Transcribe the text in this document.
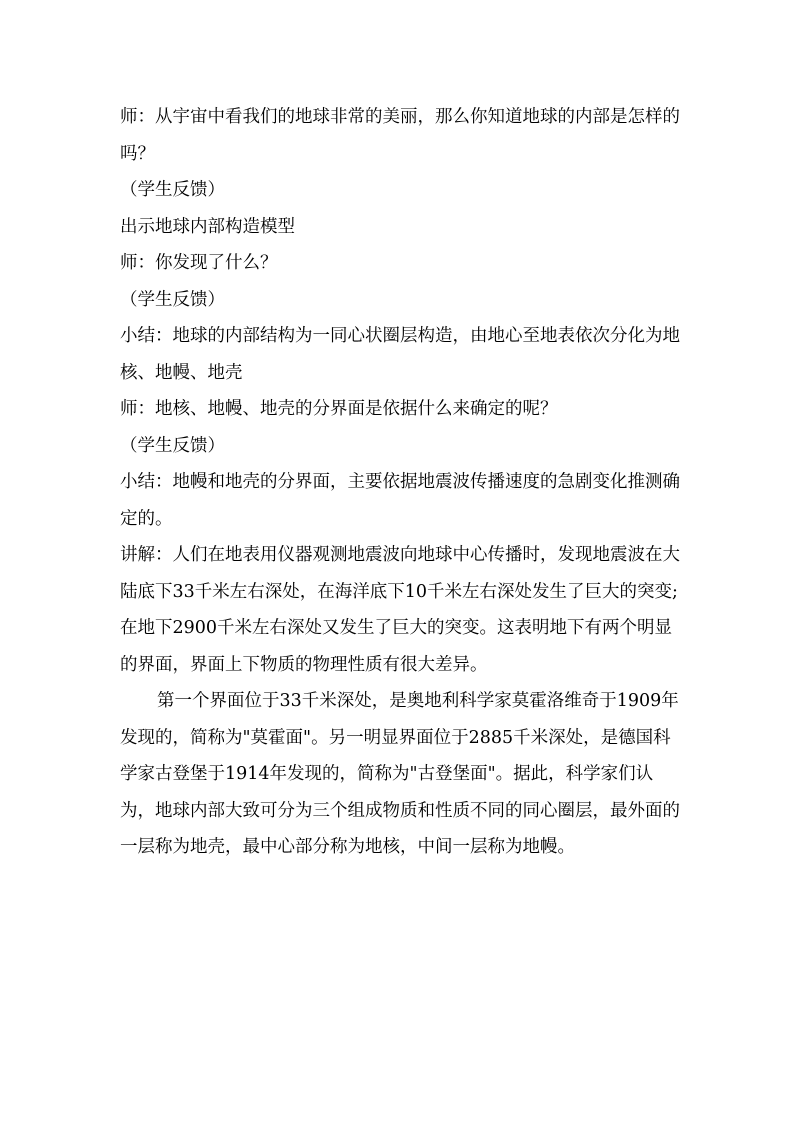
师：从宇宙中看我们的地球非常的美丽，那么你知道地球的内部是怎样的吗？

（学生反馈）

出示地球内部构造模型

师：你发现了什么？

（学生反馈）

小结：地球的内部结构为一同心状圈层构造，由地心至地表依次分化为地核、地幔、地壳

师：地核、地幔、地壳的分界面是依据什么来确定的呢？

（学生反馈）

小结：地幔和地壳的分界面，主要依据地震波传播速度的急剧变化推测确定的。

讲解：人们在地表用仪器观测地震波向地球中心传播时，发现地震波在大陆底下33千米左右深处，在海洋底下10千米左右深处发生了巨大的突变;在地下2900千米左右深处又发生了巨大的突变。这表明地下有两个明显的界面，界面上下物质的物理性质有很大差异。

第一个界面位于33千米深处，是奥地利科学家莫霍洛维奇于1909年发现的，简称为"莫霍面"。另一明显界面位于2885千米深处，是德国科学家古登堡于1914年发现的，简称为"古登堡面"。据此，科学家们认为，地球内部大致可分为三个组成物质和性质不同的同心圈层，最外面的一层称为地壳，最中心部分称为地核，中间一层称为地幔。
